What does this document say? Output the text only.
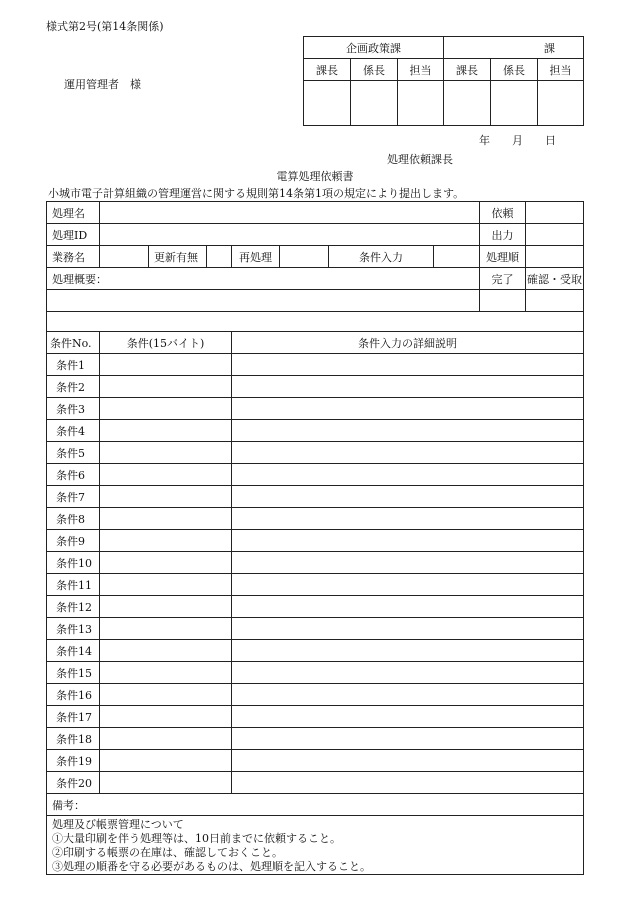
様式第2号(第14条関係)
運用管理者　様
企画政策課			課		
課長	係長	担当	課長	係長	担当

年　　月　　日
処理依頼課長
電算処理依頼書
小城市電子計算組織の管理運営に関する規則第14条第1項の規定により提出します。
処理名								依頼	
処理ID								出力	
業務名		更新有無		再処理		条件入力		処理順	
処理概要：								完了	確認・受取

条件No.	条件(15バイト)			条件入力の詳細説明					
条件1									
条件2									
条件3									
条件4									
条件5									
条件6									
条件7									
条件8									
条件9									
条件10									
条件11									
条件12									
条件13									
条件14									
条件15									
条件16									
条件17									
条件18									
条件19									
条件20									
備考：									

処理及び帳票管理について
①大量印刷を伴う処理等は、10日前までに依頼すること。
②印刷する帳票の在庫は、確認しておくこと。
③処理の順番を守る必要があるものは、処理順を記入すること。									
